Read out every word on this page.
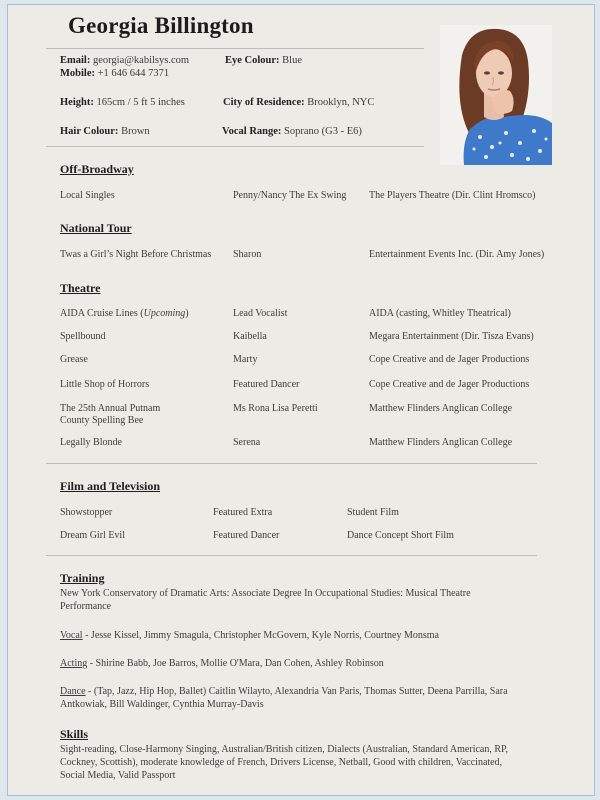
Georgia Billington
Email: georgia@kabilsys.com
Mobile: +1 646 644 7371
Eye Colour: Blue
Height: 165cm / 5 ft 5 inches	City of Residence: Brooklyn, NYC
Hair Colour: Brown	Vocal Range: Soprano (G3 - E6)
Off-Broadway
Local Singles	Penny/Nancy The Ex Swing	The Players Theatre (Dir. Clint Hromsco)
National Tour
Twas a Girl’s Night Before Christmas	Sharon	Entertainment Events Inc. (Dir. Amy Jones)
Theatre
AIDA Cruise Lines (Upcoming)	Lead Vocalist	AIDA (casting, Whitley Theatrical)
Spellbound	Kaibella	Megara Entertainment (Dir. Tisza Evans)
Grease	Marty	Cope Creative and de Jager Productions
Little Shop of Horrors	Featured Dancer	Cope Creative and de Jager Productions
The 25th Annual Putnam
County Spelling Bee
Ms Rona Lisa Peretti	Matthew Flinders Anglican College
Legally Blonde	Serena	Matthew Flinders Anglican College
Film and Television
Showstopper	Featured Extra	Student Film
Dream Girl Evil	Featured Dancer	Dance Concept Short Film
Training
New York Conservatory of Dramatic Arts: Associate Degree In Occupational Studies: Musical Theatre Performance
Vocal - Jesse Kissel, Jimmy Smagula, Christopher McGovern, Kyle Norris, Courtney Monsma
Acting - Shirine Babb, Joe Barros, Mollie O'Mara, Dan Cohen, Ashley Robinson
Dance - (Tap, Jazz, Hip Hop, Ballet) Caitlin Wilayto, Alexandria Van Paris, Thomas Sutter, Deena Parrilla, Sara Antkowiak, Bill Waldinger, Cynthia Murray-Davis
Skills
Sight-reading, Close-Harmony Singing, Australian/British citizen, Dialects (Australian, Standard American, RP, Cockney, Scottish), moderate knowledge of French, Drivers License, Netball, Good with children, Vaccinated, Social Media, Valid Passport
